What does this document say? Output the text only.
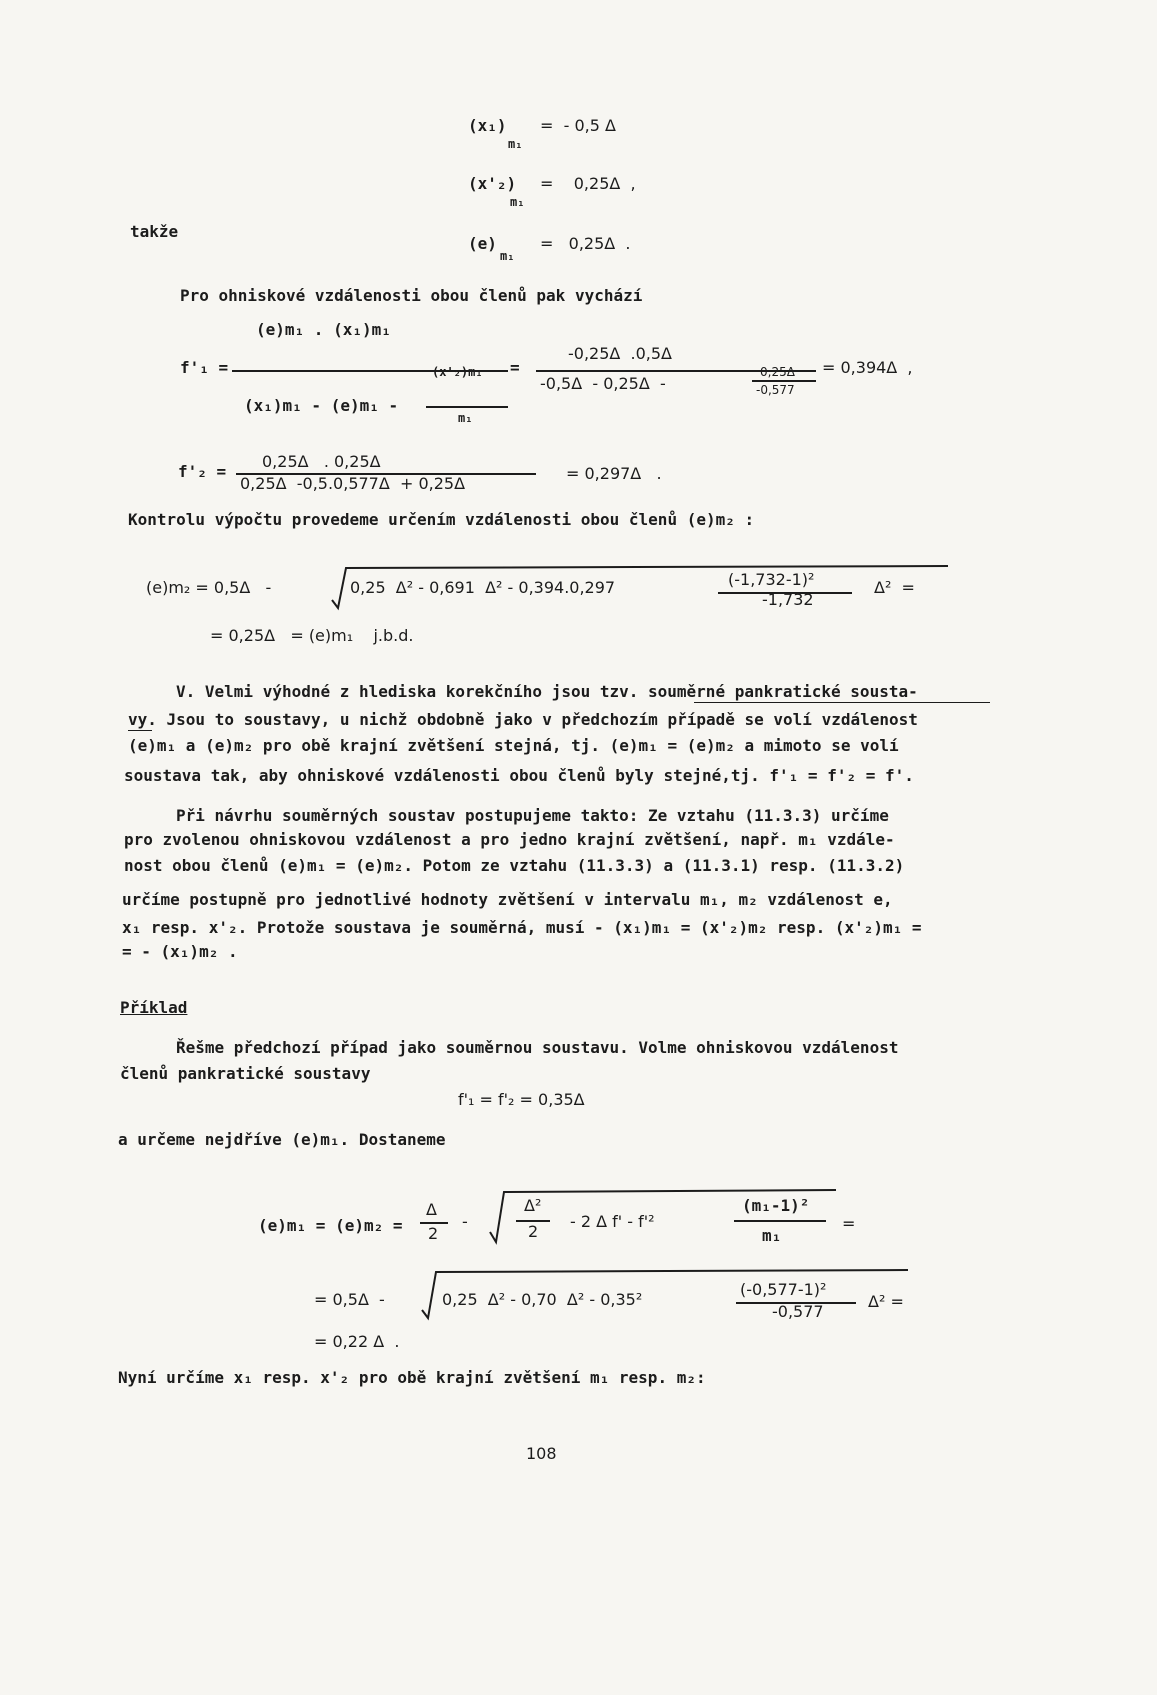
(x₁)
m₁
=  - 0,5 Δ
(x'₂)
m₁
=    0,25Δ  ,
takže
(e)
m₁
=   0,25Δ  .
Pro ohniskové vzdálenosti obou členů pak vychází
f'₁ =
(e)m₁ . (x₁)m₁
(x₁)m₁ - (e)m₁ -
(x'₂)m₁
m₁
=
-0,25Δ  .0,5Δ
-0,5Δ  - 0,25Δ  -
0,25Δ
-0,577
= 0,394Δ  ,
f'₂ =
0,25Δ   . 0,25Δ
0,25Δ  -0,5.0,577Δ  + 0,25Δ
= 0,297Δ   .
Kontrolu výpočtu provedeme určením vzdálenosti obou členů (e)m₂ :
(e)m₂ = 0,5Δ   -	0,25  Δ² - 0,691  Δ² - 0,394.0,297	(-1,732-1)²
-1,732
Δ²  =
= 0,25Δ   = (e)m₁    j.b.d.
V. Velmi výhodné z hlediska korekčního jsou tzv. souměrné pankratické soustа-
vy. Jsou to soustavy, u nichž obdobně jako v předchozím případě se volí vzdálenost
(e)m₁ a (e)m₂ pro obě krajní zvětšení stejná, tj. (e)m₁ = (e)m₂ a mimoto se volí
soustava tak, aby ohniskové vzdálenosti obou členů byly stejné,tj. f'₁ = f'₂ = f'.
Při návrhu souměrných soustav postupujeme takto: Ze vztahu (11.3.3) určíme
pro zvolenou ohniskovou vzdálenost a pro jedno krajní zvětšení, např. m₁ vzdále-
nost obou členů (e)m₁ = (e)m₂. Potom ze vztahu (11.3.3) a (11.3.1) resp. (11.3.2)
určíme postupně pro jednotlivé hodnoty zvětšení v intervalu m₁, m₂ vzdálenost e,
x₁ resp. x'₂. Protože soustava je souměrná, musí - (x₁)m₁ = (x'₂)m₂ resp. (x'₂)m₁ =
= - (x₁)m₂ .
Příklad
Řešme předchozí případ jako souměrnou soustavu. Volme ohniskovou vzdálenost
členů pankratické soustavy
f'₁ = f'₂ = 0,35Δ
a určeme nejdříve (e)m₁. Dostaneme
(e)m₁ = (e)m₂ =
Δ
2
-
Δ²
2
- 2 Δ f' - f'²
(m₁-1)²
m₁
=
= 0,5Δ  -	0,25  Δ² - 0,70  Δ² - 0,35²
(-0,577-1)²
-0,577
Δ² =
= 0,22 Δ  .
Nyní určíme x₁ resp. x'₂ pro obě krajní zvětšení m₁ resp. m₂:
108
